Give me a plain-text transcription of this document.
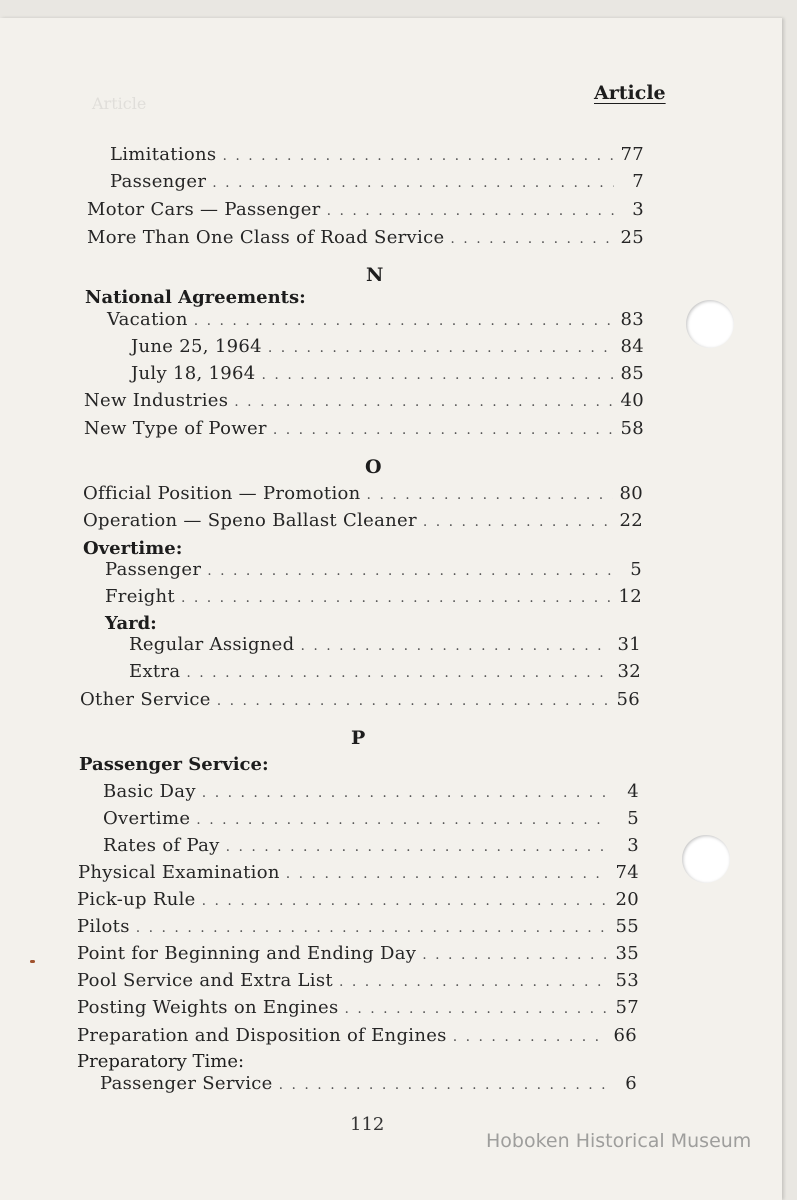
Article	Article
Limitations . . .	77
Passenger . . .	7
Motor Cars — Passenger . . .	3
More Than One Class of Road Service . . .	25
N
National Agreements:
Vacation . . .	83
June 25, 1964 . . .	84
July 18, 1964 . . .	85
New Industries . . .	40
New Type of Power . . .	58
O
Official Position — Promotion . . .	80
Operation — Speno Ballast Cleaner . . .	22
Overtime:
Passenger . . .	5
Freight . . .	12
Yard:
Regular Assigned . . .	31
Extra . . .	32
Other Service . . .	56
P
Passenger Service:
Basic Day . . .	4
Overtime . . .	5
Rates of Pay . . .	3
Physical Examination . . .	74
Pick-up Rule . . .	20
Pilots . . .	55
Point for Beginning and Ending Day . . .	35
Pool Service and Extra List . . .	53
Posting Weights on Engines . . .	57
Preparation and Disposition of Engines . . .	66
Preparatory Time:
Passenger Service . . .	6
112
Hoboken Historical Museum
